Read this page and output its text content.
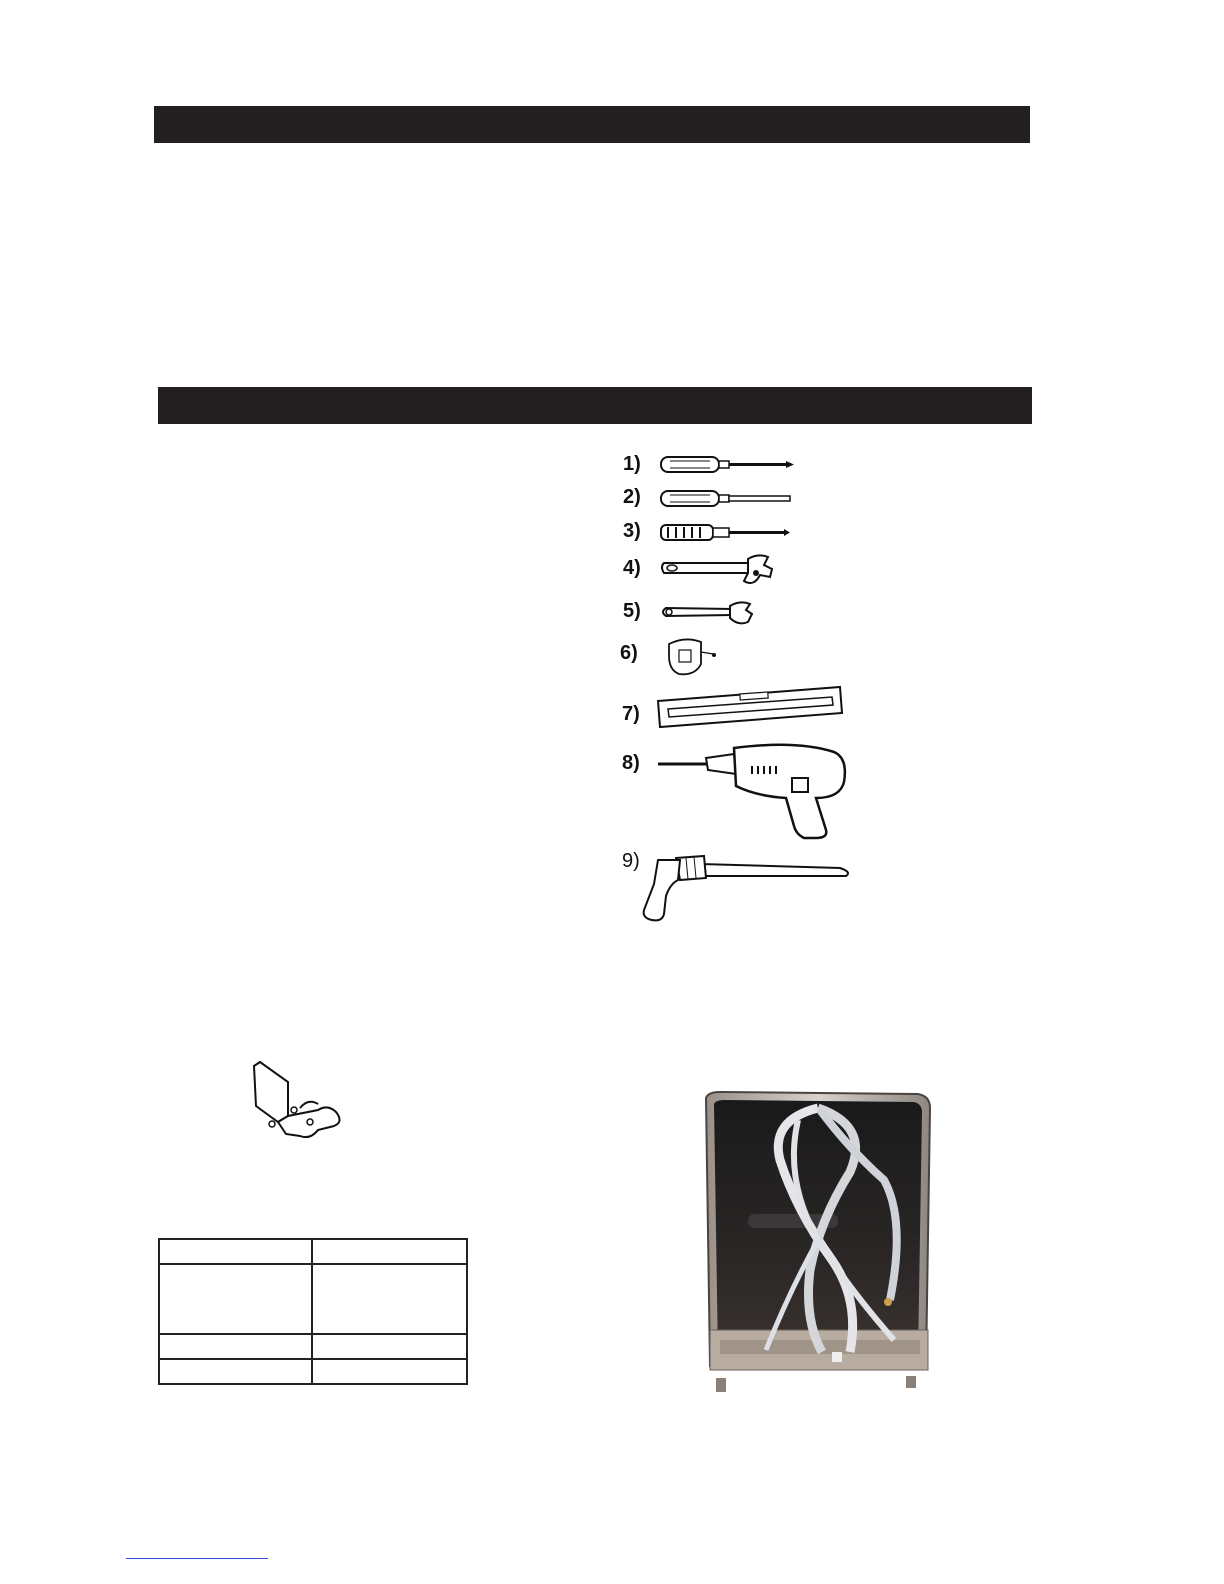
1)
2)
3)
4)
5)
6)
7)
8)
9)
